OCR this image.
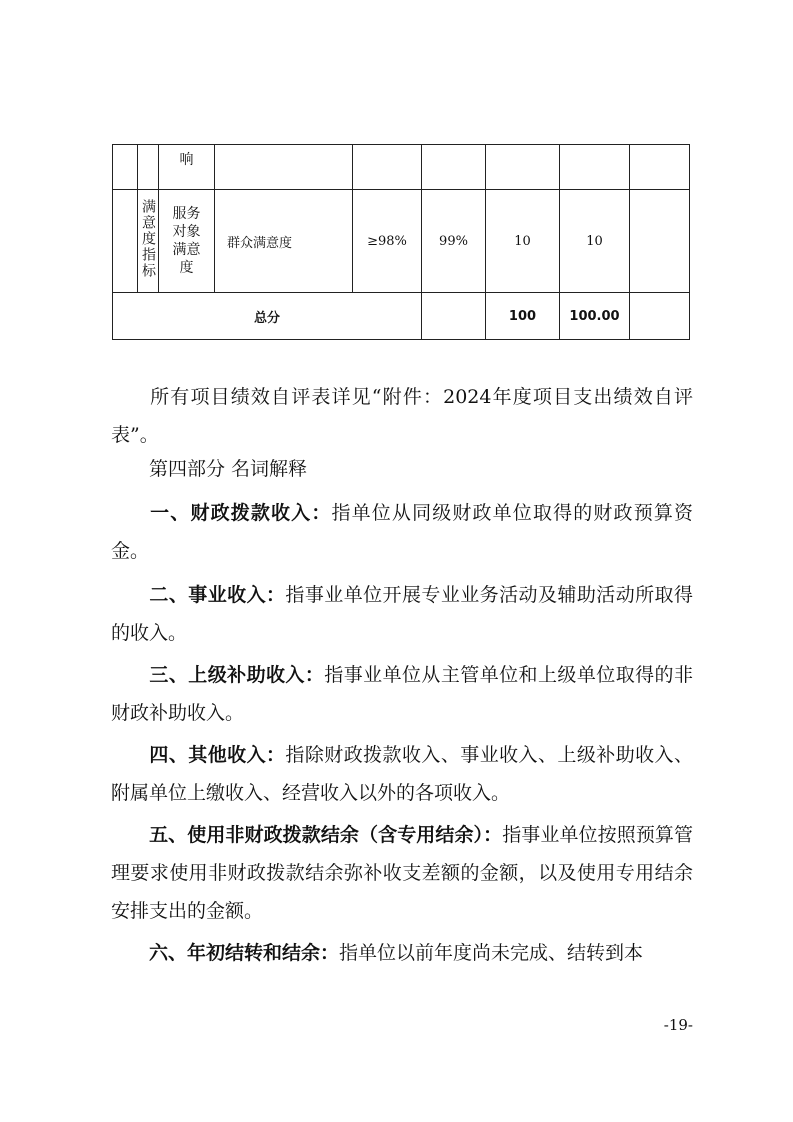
		响						
	满意度指标	服务对象满意度	群众满意度	≥98%	99%	10	10	
总分						100	100.00	

所有项目绩效自评表详见“附件：2024年度项目支出绩效自评表”。

第四部分 名词解释

一、财政拨款收入：指单位从同级财政单位取得的财政预算资金。

二、事业收入：指事业单位开展专业业务活动及辅助活动所取得的收入。

三、上级补助收入：指事业单位从主管单位和上级单位取得的非财政补助收入。

四、其他收入：指除财政拨款收入、事业收入、上级补助收入、附属单位上缴收入、经营收入以外的各项收入。

五、使用非财政拨款结余（含专用结余）：指事业单位按照预算管理要求使用非财政拨款结余弥补收支差额的金额，以及使用专用结余安排支出的金额。

六、年初结转和结余：指单位以前年度尚未完成、结转到本

-19-
